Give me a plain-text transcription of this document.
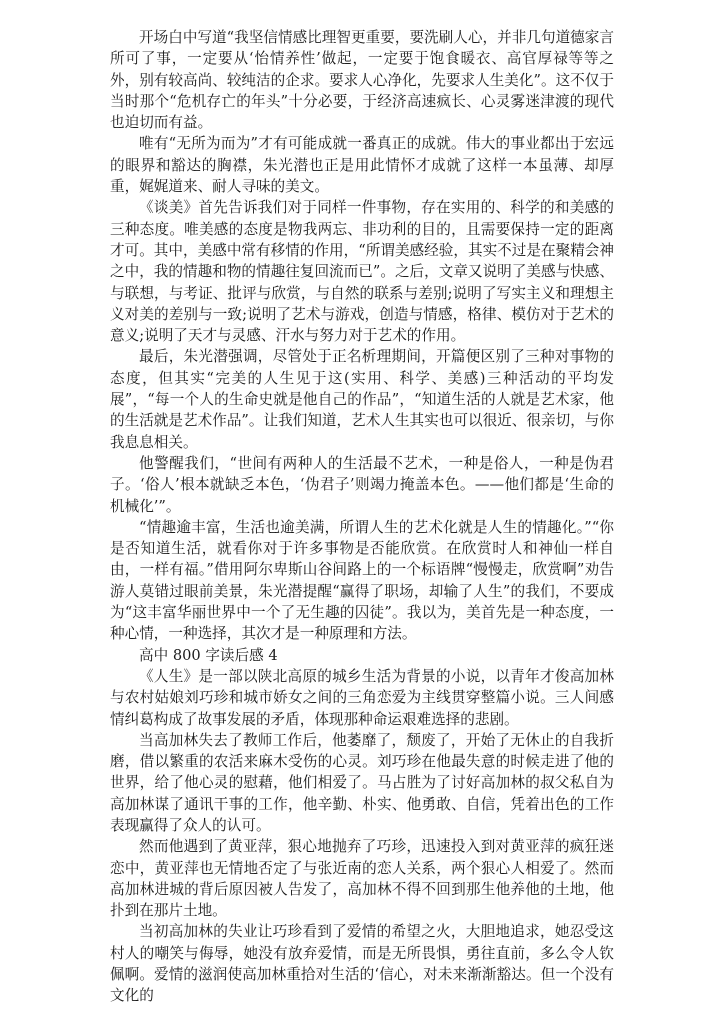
开场白中写道“我坚信情感比理智更重要，要洗刷人心，并非几句道德家言所可了事，一定要从‘怡情养性’做起，一定要于饱食暖衣、高官厚禄等等之外，别有较高尚、较纯洁的企求。要求人心净化，先要求人生美化”。这不仅于当时那个“危机存亡的年头”十分必要，于经济高速疯长、心灵雾迷津渡的现代也迫切而有益。

唯有“无所为而为”才有可能成就一番真正的成就。伟大的事业都出于宏远的眼界和豁达的胸襟，朱光潜也正是用此情怀才成就了这样一本虽薄、却厚重，娓娓道来、耐人寻味的美文。

《谈美》首先告诉我们对于同样一件事物，存在实用的、科学的和美感的三种态度。唯美感的态度是物我两忘、非功利的目的，且需要保持一定的距离才可。其中，美感中常有移情的作用，“所谓美感经验，其实不过是在聚精会神之中，我的情趣和物的情趣往复回流而已”。之后，文章又说明了美感与快感、与联想，与考证、批评与欣赏，与自然的联系与差别;说明了写实主义和理想主义对美的差别与一致;说明了艺术与游戏，创造与情感，格律、模仿对于艺术的意义;说明了天才与灵感、汗水与努力对于艺术的作用。

最后，朱光潜强调，尽管处于正名析理期间，开篇便区别了三种对事物的态度，但其实“完美的人生见于这(实用、科学、美感)三种活动的平均发展”，“每一个人的生命史就是他自己的作品”，“知道生活的人就是艺术家，他的生活就是艺术作品”。让我们知道，艺术人生其实也可以很近、很亲切，与你我息息相关。

他警醒我们，“世间有两种人的生活最不艺术，一种是俗人，一种是伪君子。‘俗人’根本就缺乏本色，‘伪君子’则竭力掩盖本色。——他们都是‘生命的机械化’”。

“情趣逾丰富，生活也逾美满，所谓人生的艺术化就是人生的情趣化。”“你是否知道生活，就看你对于许多事物是否能欣赏。在欣赏时人和神仙一样自由，一样有福。”借用阿尔卑斯山谷间路上的一个标语牌“慢慢走，欣赏啊”劝告游人莫错过眼前美景，朱光潜提醒“赢得了职场，却输了人生”的我们，不要成为“这丰富华丽世界中一个了无生趣的囚徒”。我以为，美首先是一种态度，一种心情，一种选择，其次才是一种原理和方法。

高中 800 字读后感 4

《人生》是一部以陕北高原的城乡生活为背景的小说，以青年才俊高加林与农村姑娘刘巧珍和城市娇女之间的三角恋爱为主线贯穿整篇小说。三人间感情纠葛构成了故事发展的矛盾，体现那种命运艰难选择的悲剧。

当高加林失去了教师工作后，他萎靡了，颓废了，开始了无休止的自我折磨，借以繁重的农活来麻木受伤的心灵。刘巧珍在他最失意的时候走进了他的世界，给了他心灵的慰藉，他们相爱了。马占胜为了讨好高加林的叔父私自为高加林谋了通讯干事的工作，他辛勤、朴实、他勇敢、自信，凭着出色的工作表现赢得了众人的认可。

然而他遇到了黄亚萍，狠心地抛弃了巧珍，迅速投入到对黄亚萍的疯狂迷恋中，黄亚萍也无情地否定了与张近南的恋人关系，两个狠心人相爱了。然而高加林进城的背后原因被人告发了，高加林不得不回到那生他养他的土地，他扑到在那片土地。

当初高加林的失业让巧珍看到了爱情的希望之火，大胆地追求，她忍受这村人的嘲笑与侮辱，她没有放弃爱情，而是无所畏惧，勇往直前，多么令人钦佩啊。爱情的滋润使高加林重拾对生活的‘信心，对未来渐渐豁达。但一个没有文化的
